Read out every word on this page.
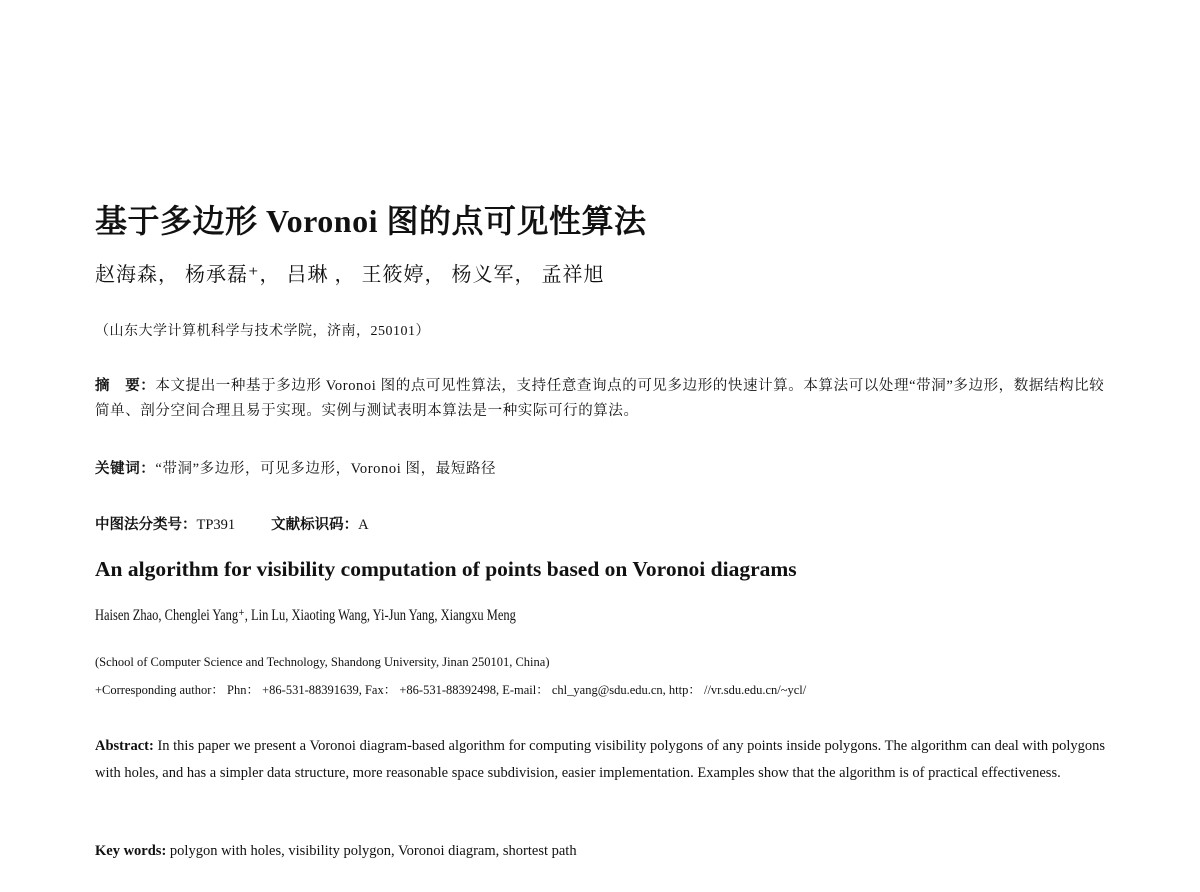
基于多边形 Voronoi 图的点可见性算法
赵海森， 杨承磊⁺， 吕琳 ， 王筱婷， 杨义军， 孟祥旭
（山东大学计算机科学与技术学院，济南，250101）
摘　要：本文提出一种基于多边形 Voronoi 图的点可见性算法，支持任意查询点的可见多边形的快速计算。本算法可以处理“带洞”多边形，数据结构比较简单、剖分空间合理且易于实现。实例与测试表明本算法是一种实际可行的算法。
关键词：“带洞”多边形，可见多边形，Voronoi 图，最短路径
中图法分类号：TP391 文献标识码：A
An algorithm for visibility computation of points based on Voronoi diagrams
Haisen Zhao, Chenglei Yang⁺, Lin Lu, Xiaoting Wang, Yi-Jun Yang, Xiangxu Meng
(School of Computer Science and Technology, Shandong University, Jinan 250101, China)
+Corresponding author： Phn： +86-531-88391639, Fax： +86-531-88392498, E-mail： chl_yang@sdu.edu.cn, http： //vr.sdu.edu.cn/~ycl/
Abstract: In this paper we present a Voronoi diagram-based algorithm for computing visibility polygons of any points inside polygons. The algorithm can deal with polygons with holes, and has a simpler data structure, more reasonable space subdivision, easier implementation. Examples show that the algorithm is of practical effectiveness.
Key words: polygon with holes, visibility polygon, Voronoi diagram, shortest path
